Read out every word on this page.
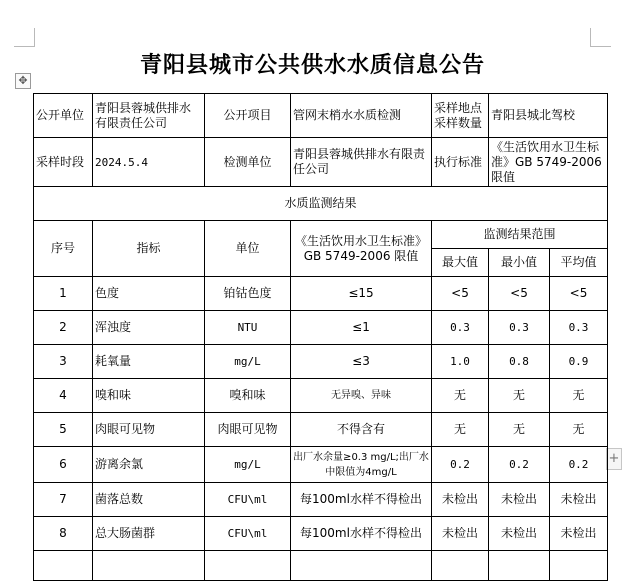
✥
+
青阳县城市公共供水水质信息公告
公开单位	青阳县蓉城供排水有限责任公司	公开项目	管网末梢水水质检测	采样地点采样数量	青阳县城北驾校	
采样时段	2024.5.4	检测单位	青阳县蓉城供排水有限责任公司	执行标准	《生活饮用水卫生标准》GB 5749-2006 限值	
水质监测结果						
序号	指标	单位	《生活饮用水卫生标准》GB 5749-2006 限值	监测结果范围		
				最大值	最小值	平均值
1	色度	铂钴色度	≤15	<5	<5	<5
2	浑浊度	NTU	≤1	0.3	0.3	0.3
3	耗氧量	mg/L	≤3	1.0	0.8	0.9
4	嗅和味	嗅和味	无异嗅、异味	无	无	无
5	肉眼可见物	肉眼可见物	不得含有	无	无	无
6	游离余氯	mg/L	出厂水余量≥0.3 mg/L;出厂水中限值为4mg/L	0.2	0.2	0.2
7	菌落总数	CFU\ml	每100ml水样不得检出	未检出	未检出	未检出
8	总大肠菌群	CFU\ml	每100ml水样不得检出	未检出	未检出	未检出
